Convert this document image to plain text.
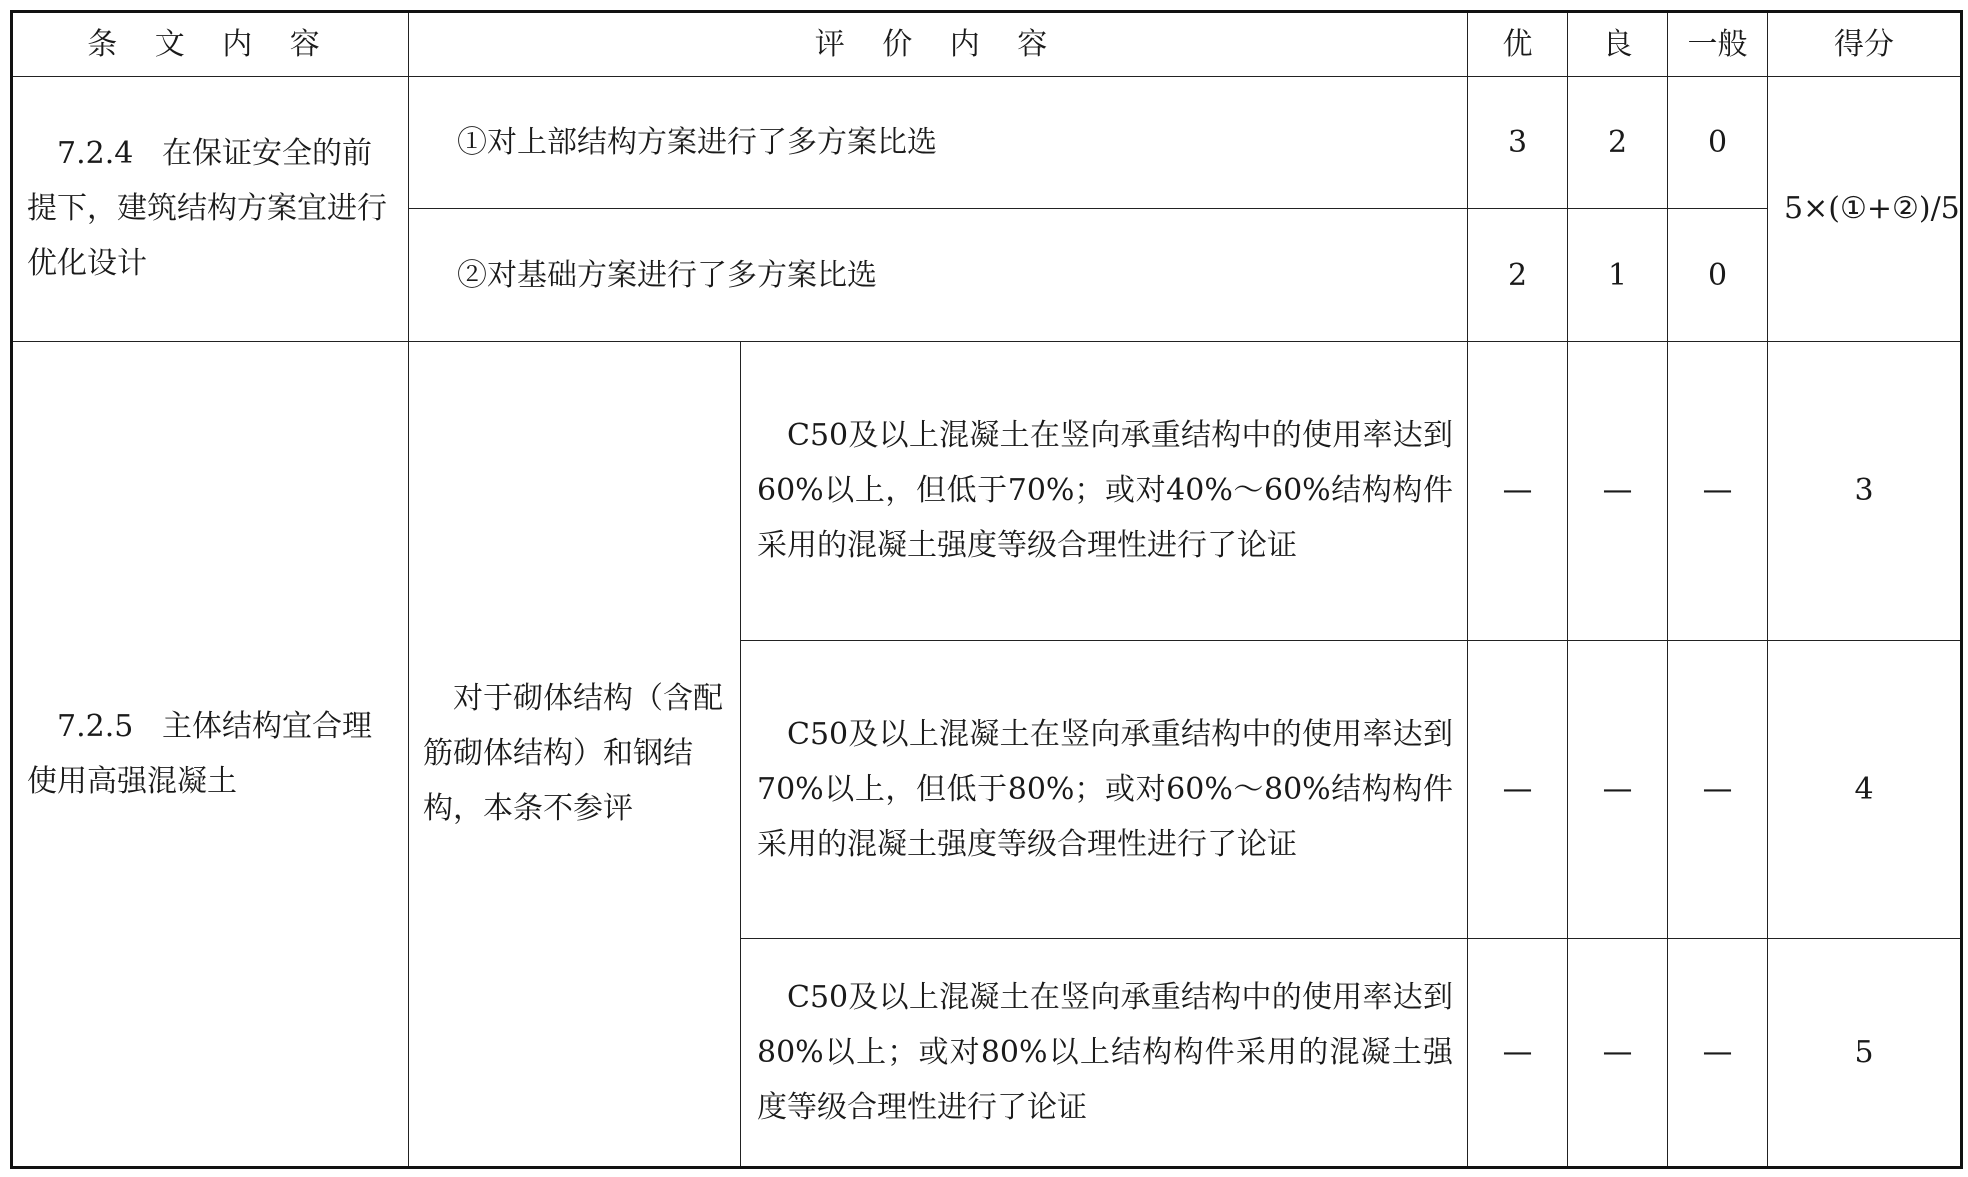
条 文 内 容	评 价 内 容		优	良	一般	得分

7.2.4 在保证安全的前提下，建筑结构方案宜进行优化设计	①对上部结构方案进行了多方案比选		3	2	0	5×(①+②)/5
	②对基础方案进行了多方案比选		2	1	0	

7.2.5 主体结构宜合理使用高强混凝土	对于砌体结构（含配筋砌体结构）和钢结构，本条不参评	C50及以上混凝土在竖向承重结构中的使用率达到60%以上，但低于70%；或对40%～60%结构构件采用的混凝土强度等级合理性进行了论证	—	—	—	3

		C50及以上混凝土在竖向承重结构中的使用率达到70%以上，但低于80%；或对60%～80%结构构件采用的混凝土强度等级合理性进行了论证	—	—	—	4

		C50及以上混凝土在竖向承重结构中的使用率达到80%以上；或对80%以上结构构件采用的混凝土强度等级合理性进行了论证	—	—	—	5
